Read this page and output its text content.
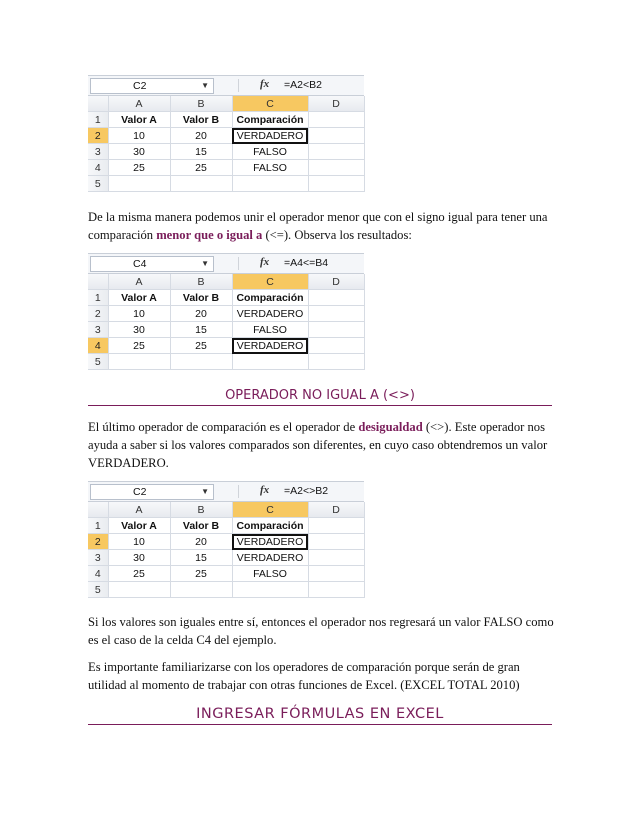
C2	▼	fx =A2<B2
	A	B	C	D
1	Valor A	Valor B	Comparación	
2	10	20	VERDADERO	
3	30	15	FALSO	
4	25	25	FALSO	
5				

De la misma manera podemos unir el operador menor que con el signo igual para tener una comparación menor que o igual a (<=). Observa los resultados:

C4	▼	fx =A4<=B4
	A	B	C	D
1	Valor A	Valor B	Comparación	
2	10	20	VERDADERO	
3	30	15	FALSO	
4	25	25	VERDADERO	
5				
OPERADOR NO IGUAL A (<>)

El último operador de comparación es el operador de desigualdad (<>). Este operador nos ayuda a saber si los valores comparados son diferentes, en cuyo caso obtendremos un valor VERDADERO.

C2	▼	fx =A2<>B2
	A	B	C	D
1	Valor A	Valor B	Comparación	
2	10	20	VERDADERO	
3	30	15	VERDADERO	
4	25	25	FALSO	
5				

Si los valores son iguales entre sí, entonces el operador nos regresará un valor FALSO como es el caso de la celda C4 del ejemplo.

Es importante familiarizarse con los operadores de comparación porque serán de gran utilidad al momento de trabajar con otras funciones de Excel. (EXCEL TOTAL 2010)

INGRESAR FÓRMULAS EN EXCEL
